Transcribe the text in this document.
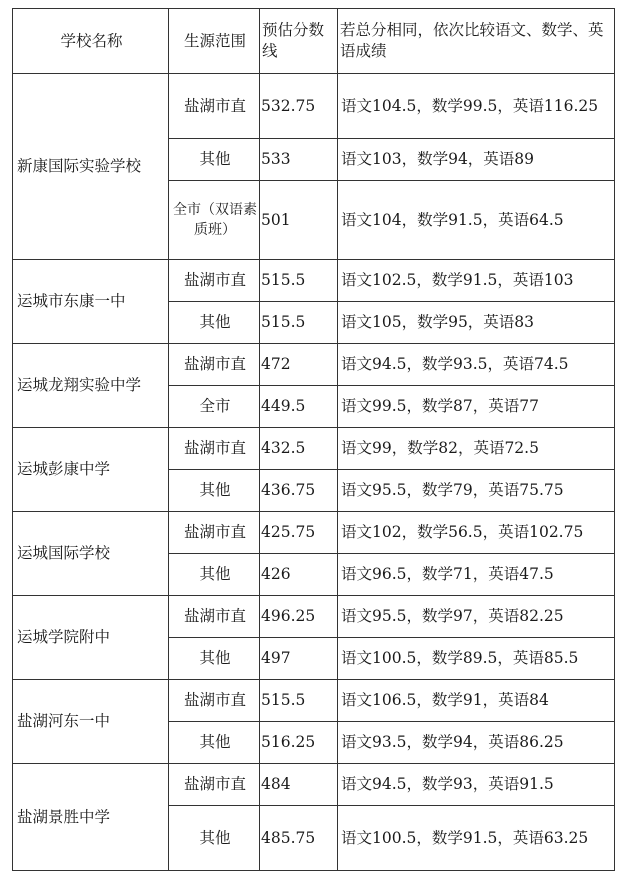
学校名称	生源范围	预估分数线	若总分相同，依次比较语文、数学、英语成绩
新康国际实验学校	盐湖市直	532.75	语文104.5，数学99.5，英语116.25
	其他	533	语文103，数学94，英语89
	全市（双语素质班）	501	语文104，数学91.5，英语64.5
运城市东康一中	盐湖市直	515.5	语文102.5，数学91.5，英语103
	其他	515.5	语文105，数学95，英语83
运城龙翔实验中学	盐湖市直	472	语文94.5，数学93.5，英语74.5
	全市	449.5	语文99.5，数学87，英语77
运城彭康中学	盐湖市直	432.5	语文99，数学82，英语72.5
	其他	436.75	语文95.5，数学79，英语75.75
运城国际学校	盐湖市直	425.75	语文102，数学56.5，英语102.75
	其他	426	语文96.5，数学71，英语47.5
运城学院附中	盐湖市直	496.25	语文95.5，数学97，英语82.25
	其他	497	语文100.5，数学89.5，英语85.5
盐湖河东一中	盐湖市直	515.5	语文106.5，数学91，英语84
	其他	516.25	语文93.5，数学94，英语86.25
盐湖景胜中学	盐湖市直	484	语文94.5，数学93，英语91.5
	其他	485.75	语文100.5，数学91.5，英语63.25
